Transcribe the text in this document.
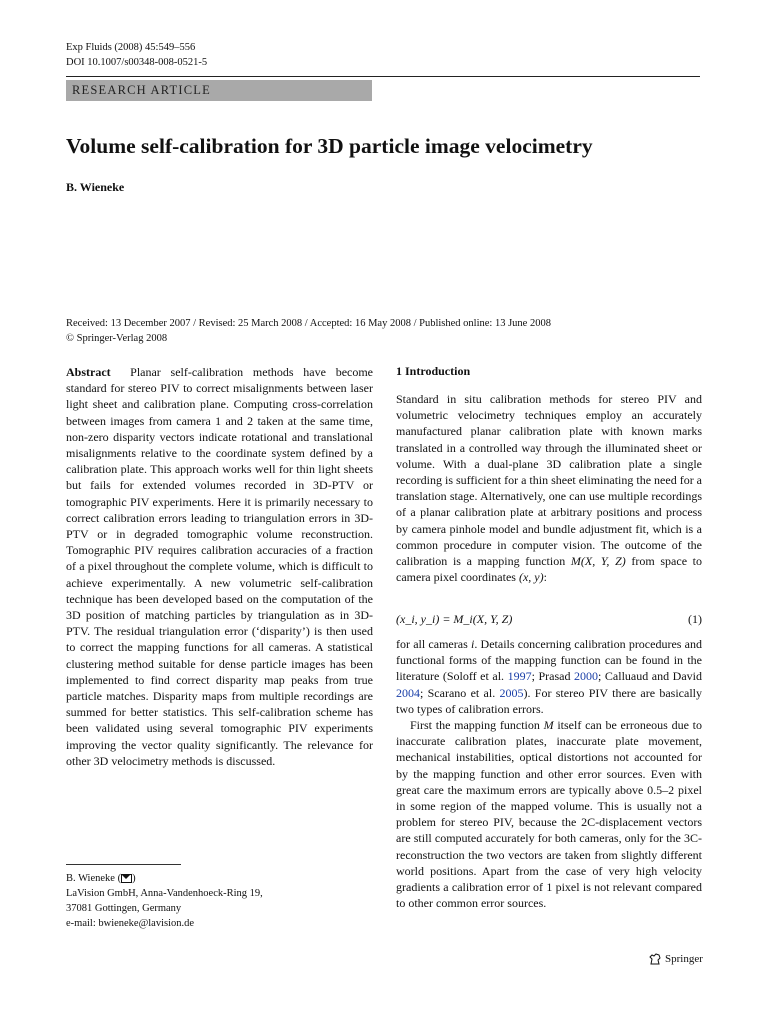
Exp Fluids (2008) 45:549–556
DOI 10.1007/s00348-008-0521-5
RESEARCH ARTICLE
Volume self-calibration for 3D particle image velocimetry
B. Wieneke
Received: 13 December 2007 / Revised: 25 March 2008 / Accepted: 16 May 2008 / Published online: 13 June 2008
© Springer-Verlag 2008
Abstract Planar self-calibration methods have become standard for stereo PIV to correct misalignments between laser light sheet and calibration plane. Computing cross-correlation between images from camera 1 and 2 taken at the same time, non-zero disparity vectors indicate rotational and translational misalignments relative to the coordinate system defined by a calibration plate. This approach works well for thin light sheets but fails for extended volumes recorded in 3D-PTV or tomographic PIV experiments. Here it is primarily necessary to correct calibration errors leading to triangulation errors in 3D-PTV or in degraded tomographic volume reconstruction. Tomographic PIV requires calibration accuracies of a fraction of a pixel throughout the complete volume, which is difficult to achieve experimentally. A new volumetric self-calibration technique has been developed based on the computation of the 3D position of matching particles by triangulation as in 3D-PTV. The residual triangulation error (‘disparity’) is then used to correct the mapping functions for all cameras. A statistical clustering method suitable for dense particle images has been implemented to find correct disparity map peaks from true particle matches. Disparity maps from multiple recordings are summed for better statistics. This self-calibration scheme has been validated using several tomographic PIV experiments improving the vector quality significantly. The relevance for other 3D velocimetry methods is discussed.
B. Wieneke ( )
LaVision GmbH, Anna-Vandenhoeck-Ring 19,
37081 Gottingen, Germany
e-mail: bwieneke@lavision.de
1 Introduction
Standard in situ calibration methods for stereo PIV and volumetric velocimetry techniques employ an accurately manufactured planar calibration plate with known marks translated in a controlled way through the illuminated sheet or volume. With a dual-plane 3D calibration plate a single recording is sufficient for a thin sheet eliminating the need for a translation stage. Alternatively, one can use multiple recordings of a planar calibration plate at arbitrary positions and process by camera pinhole model and bundle adjustment fit, which is a common procedure in computer vision. The outcome of the calibration is a mapping function M(X, Y, Z) from space to camera pixel coordinates (x, y):
(x_i, y_i) = M_i(X, Y, Z)	(1)
for all cameras i. Details concerning calibration procedures and functional forms of the mapping function can be found in the literature (Soloff et al. 1997; Prasad 2000; Calluaud and David 2004; Scarano et al. 2005). For stereo PIV there are basically two types of calibration errors.
First the mapping function M itself can be erroneous due to inaccurate calibration plates, inaccurate plate movement, mechanical instabilities, optical distortions not accounted for by the mapping function and other error sources. Even with great care the maximum errors are typically above 0.5–2 pixel in some region of the mapped volume. This is usually not a problem for stereo PIV, because the 2C-displacement vectors are still computed accurately for both cameras, only for the 3C-reconstruction the two vectors are taken from slightly different world positions. Apart from the case of very high velocity gradients a calibration error of 1 pixel is not relevant compared to other common error sources.
Springer
